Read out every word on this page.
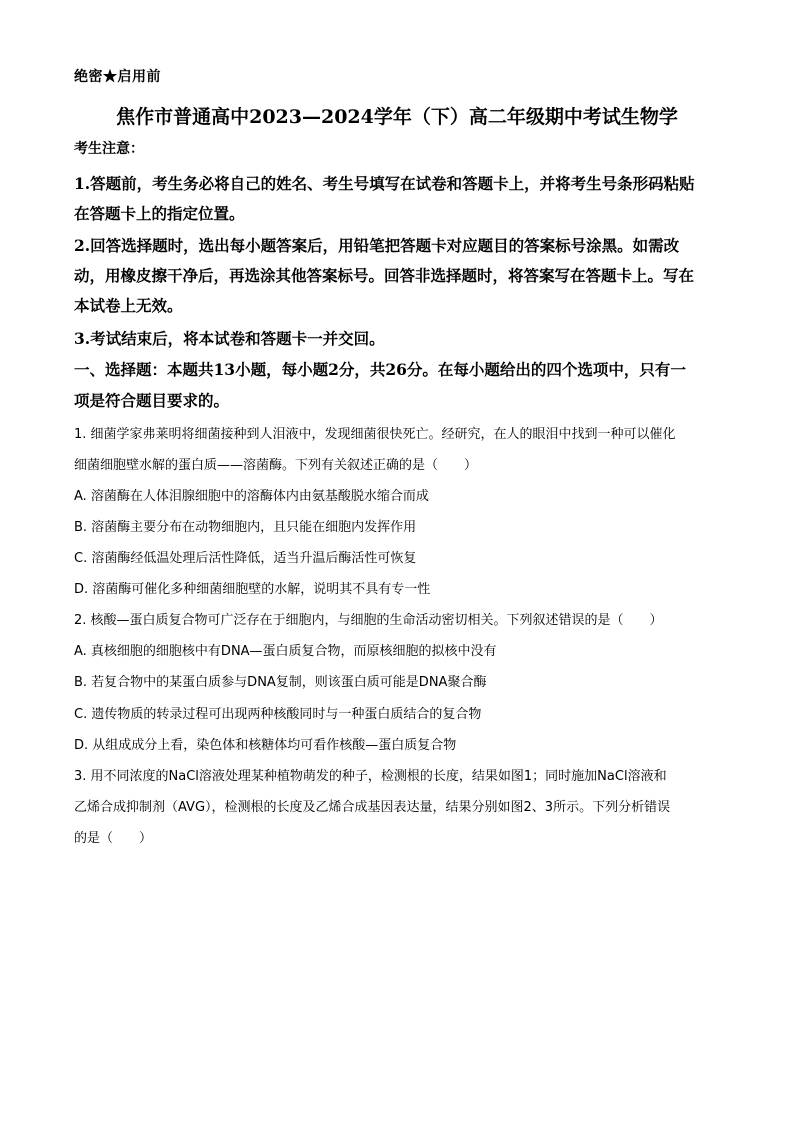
绝密★启用前
焦作市普通高中2023—2024学年（下）高二年级期中考试生物学
考生注意：
1.答题前，考生务必将自己的姓名、考生号填写在试卷和答题卡上，并将考生号条形码粘贴
在答题卡上的指定位置。
2.回答选择题时，选出每小题答案后，用铅笔把答题卡对应题目的答案标号涂黑。如需改
动，用橡皮擦干净后，再选涂其他答案标号。回答非选择题时，将答案写在答题卡上。写在
本试卷上无效。
3.考试结束后，将本试卷和答题卡一并交回。
一、选择题：本题共13小题，每小题2分，共26分。在每小题给出的四个选项中，只有一
项是符合题目要求的。
1. 细菌学家弗莱明将细菌接种到人泪液中，发现细菌很快死亡。经研究，在人的眼泪中找到一种可以催化
细菌细胞壁水解的蛋白质——溶菌酶。下列有关叙述正确的是（　　）
A. 溶菌酶在人体泪腺细胞中的溶酶体内由氨基酸脱水缩合而成
B. 溶菌酶主要分布在动物细胞内，且只能在细胞内发挥作用
C. 溶菌酶经低温处理后活性降低，适当升温后酶活性可恢复
D. 溶菌酶可催化多种细菌细胞壁的水解，说明其不具有专一性
2. 核酸—蛋白质复合物可广泛存在于细胞内，与细胞的生命活动密切相关。下列叙述错误的是（　　）
A. 真核细胞的细胞核中有DNA—蛋白质复合物，而原核细胞的拟核中没有
B. 若复合物中的某蛋白质参与DNA复制，则该蛋白质可能是DNA聚合酶
C. 遗传物质的转录过程可出现两种核酸同时与一种蛋白质结合的复合物
D. 从组成成分上看，染色体和核糖体均可看作核酸—蛋白质复合物
3. 用不同浓度的NaCl溶液处理某种植物萌发的种子，检测根的长度，结果如图1；同时施加NaCl溶液和
乙烯合成抑制剂（AVG），检测根的长度及乙烯合成基因表达量，结果分别如图2、3所示。下列分析错误
的是（　　）
